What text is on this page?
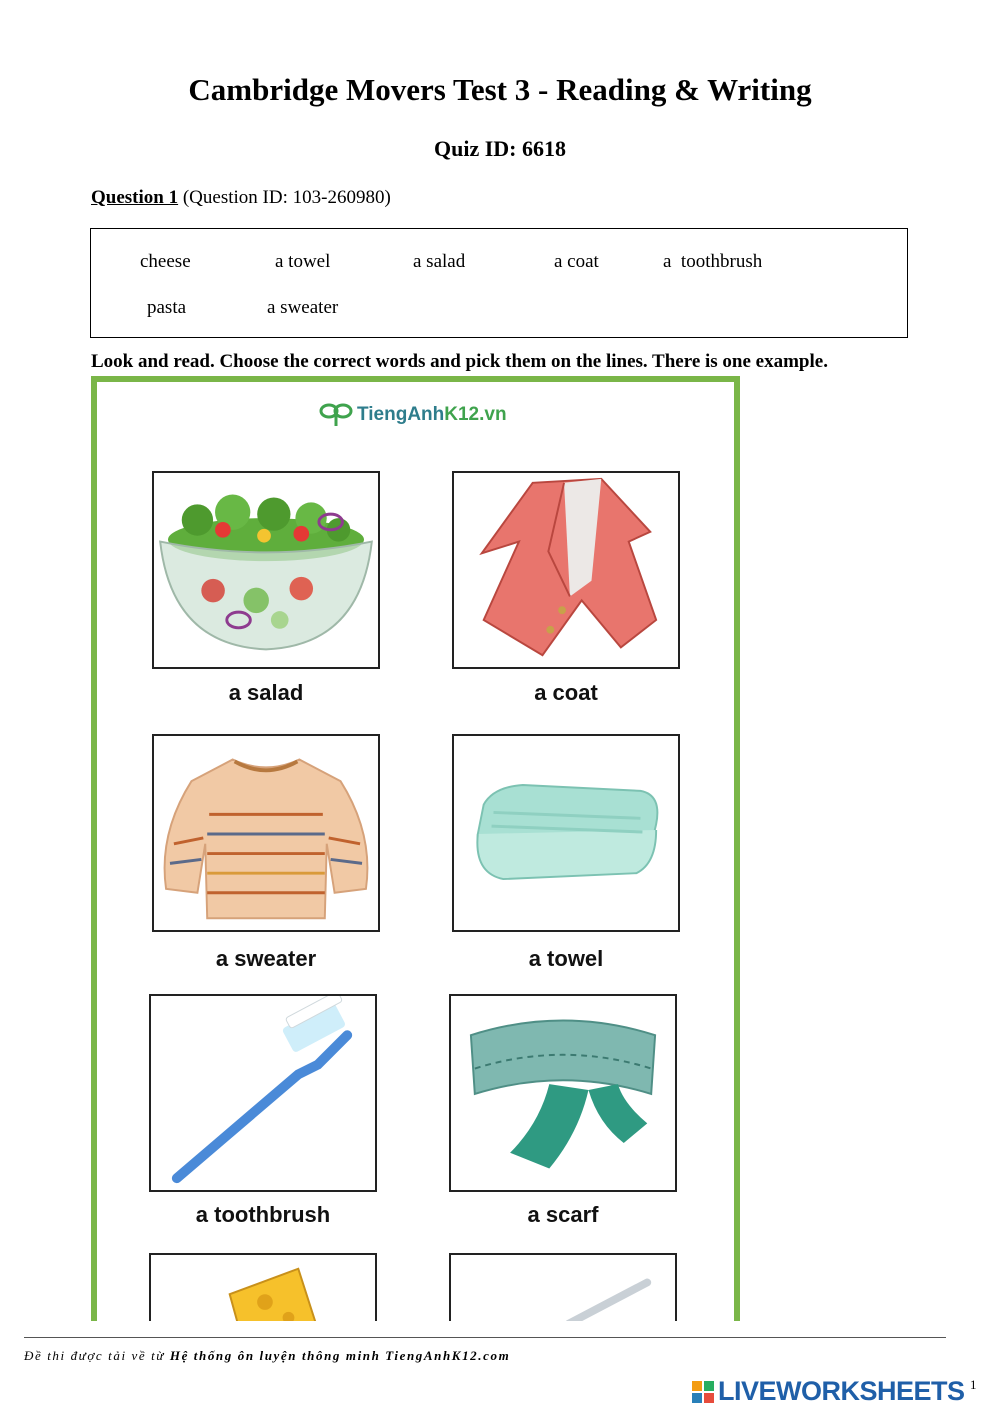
Cambridge Movers Test 3 - Reading & Writing
Quiz ID: 6618
Question 1 (Question ID: 103-260980)
cheese	a towel	a salad	a coat	a  toothbrush
pasta	a sweater
Look and read. Choose the correct words and pick them on the lines. There is one example.
TiengAnh K12.vn
a salad	a coat
a sweater	a towel
a toothbrush	a scarf
Đề thi được tải về từ Hệ thống ôn luyện thông minh TiengAnhK12.com
LIVEWORKSHEETS 1
